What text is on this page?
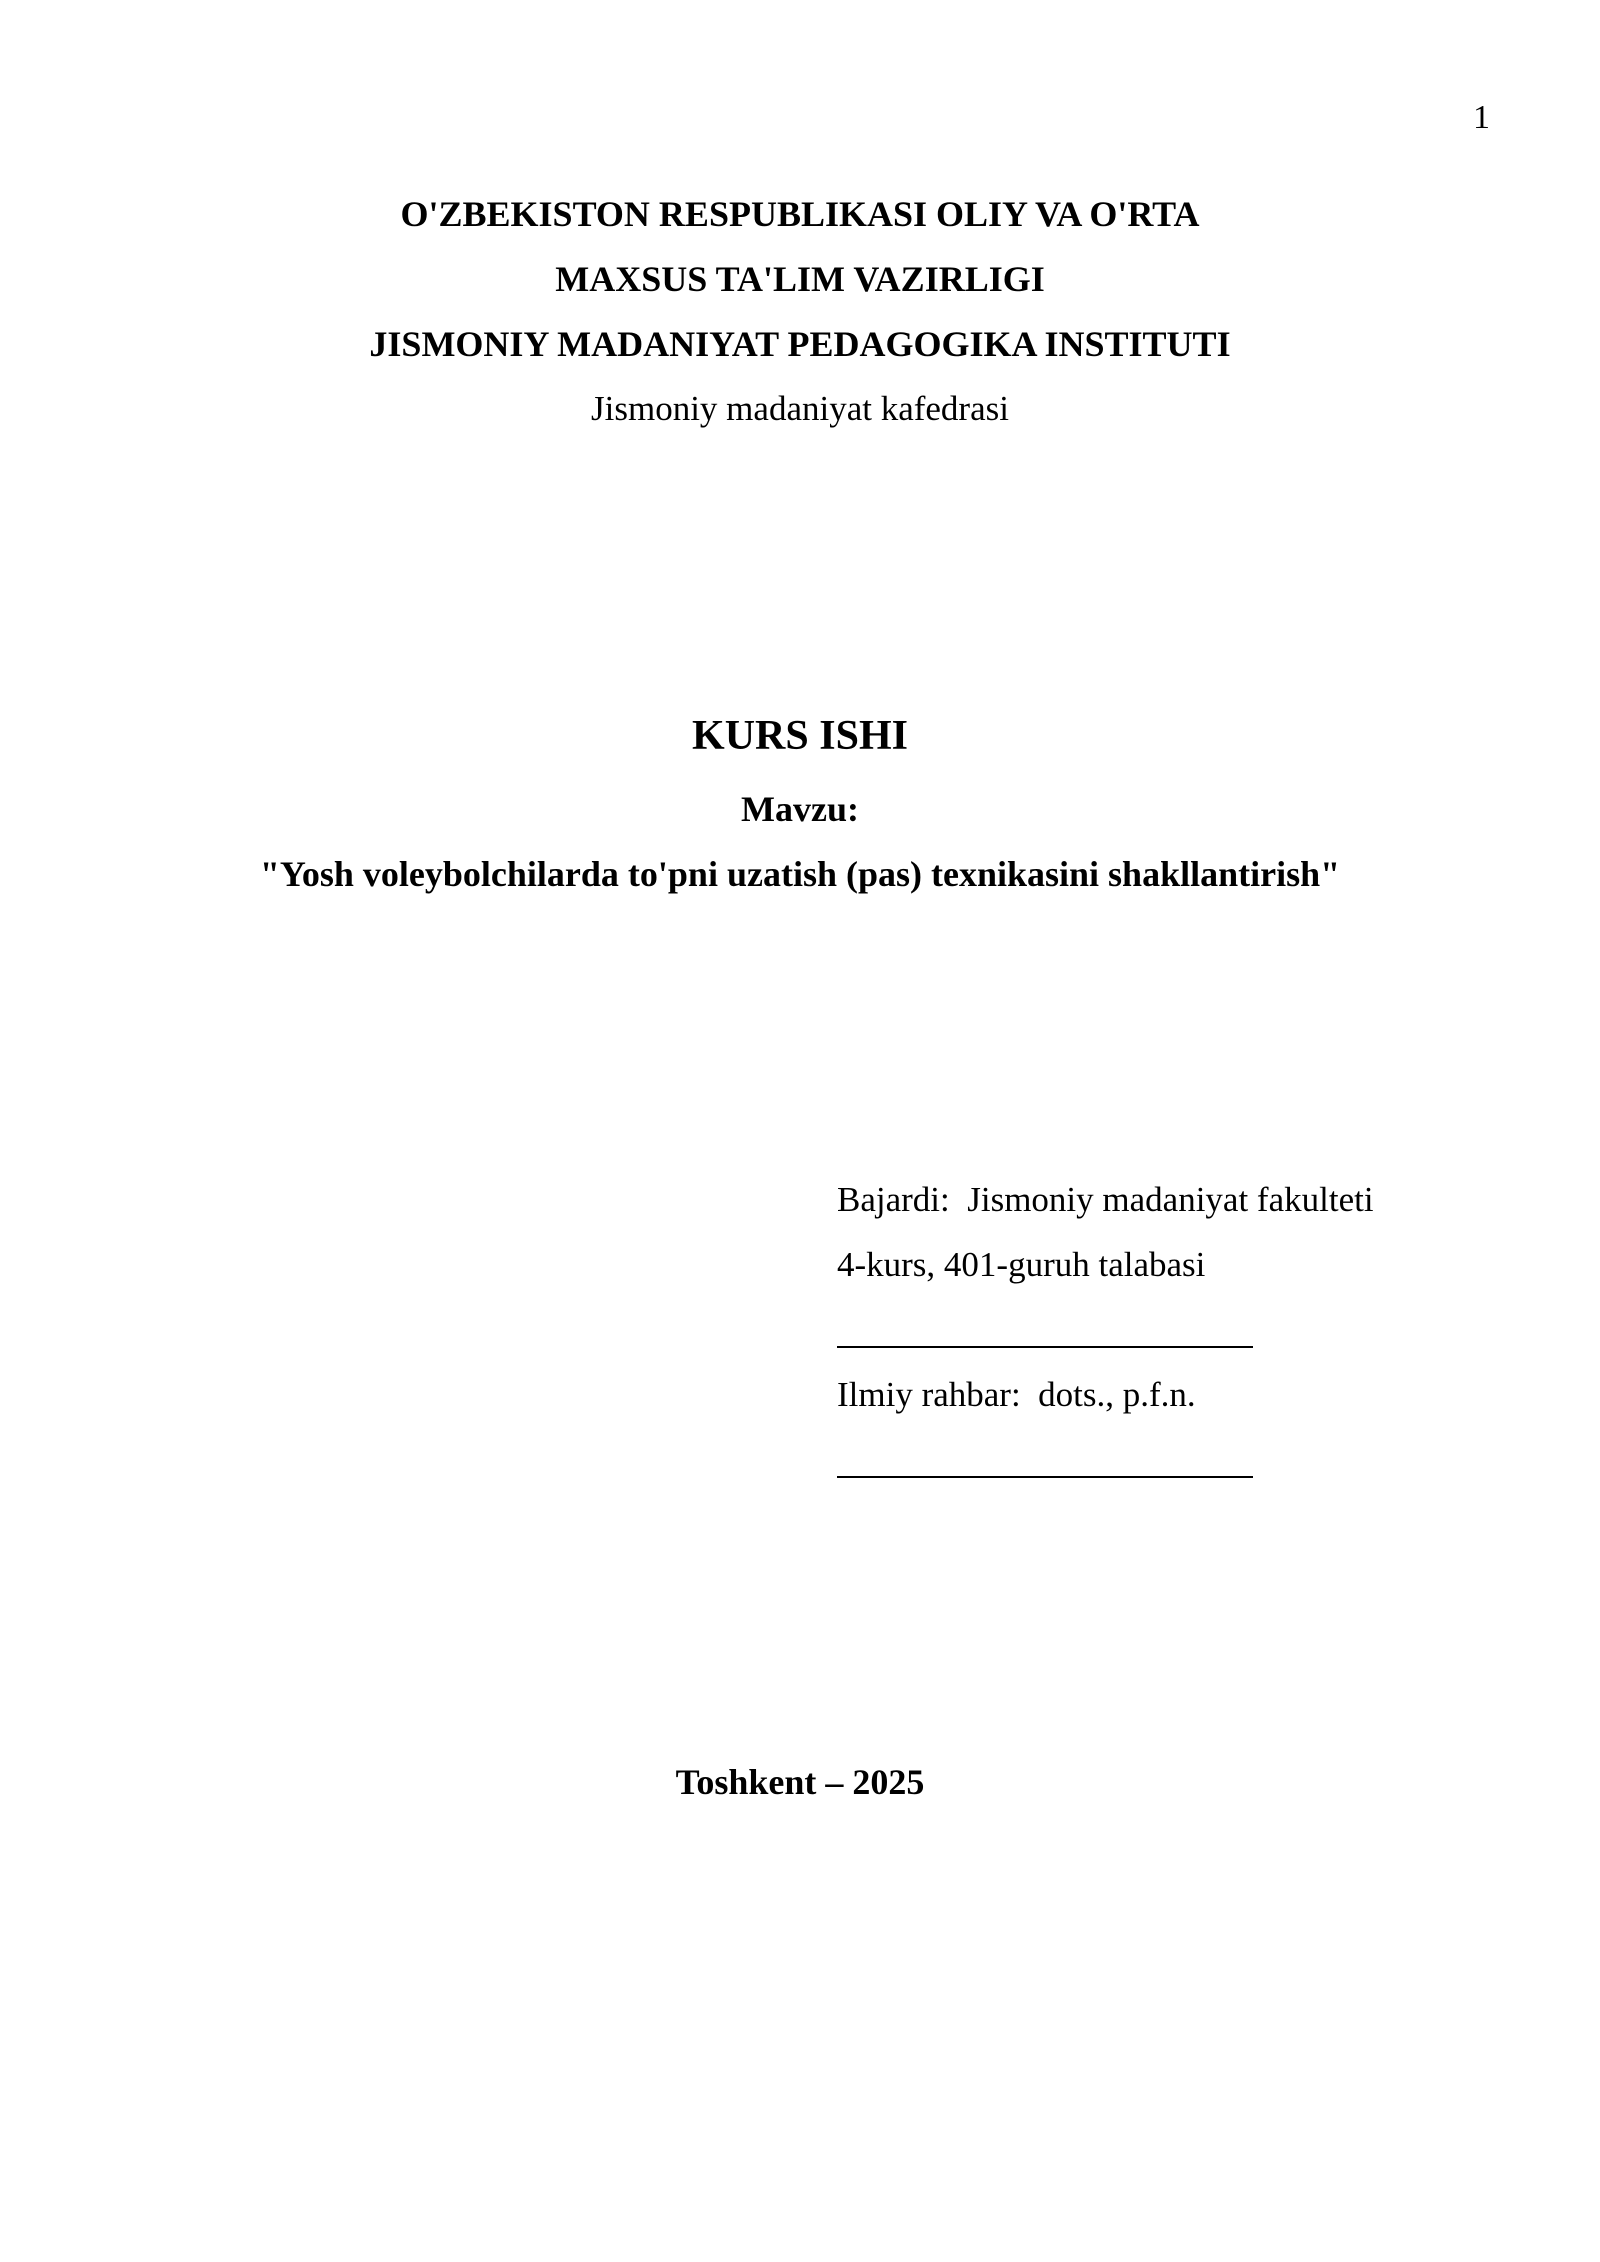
1
O'ZBEKISTON RESPUBLIKASI OLIY VA O'RTA
MAXSUS TA'LIM VAZIRLIGI
JISMONIY MADANIYAT PEDAGOGIKA INSTITUTI
Jismoniy madaniyat kafedrasi
KURS ISHI
Mavzu:
"Yosh voleybolchilarda to'pni uzatish (pas) texnikasini shakllantirish"
Bajardi:  Jismoniy madaniyat fakulteti
4-kurs, 401-guruh talabasi
Ilmiy rahbar:  dots., p.f.n.
Toshkent – 2025
